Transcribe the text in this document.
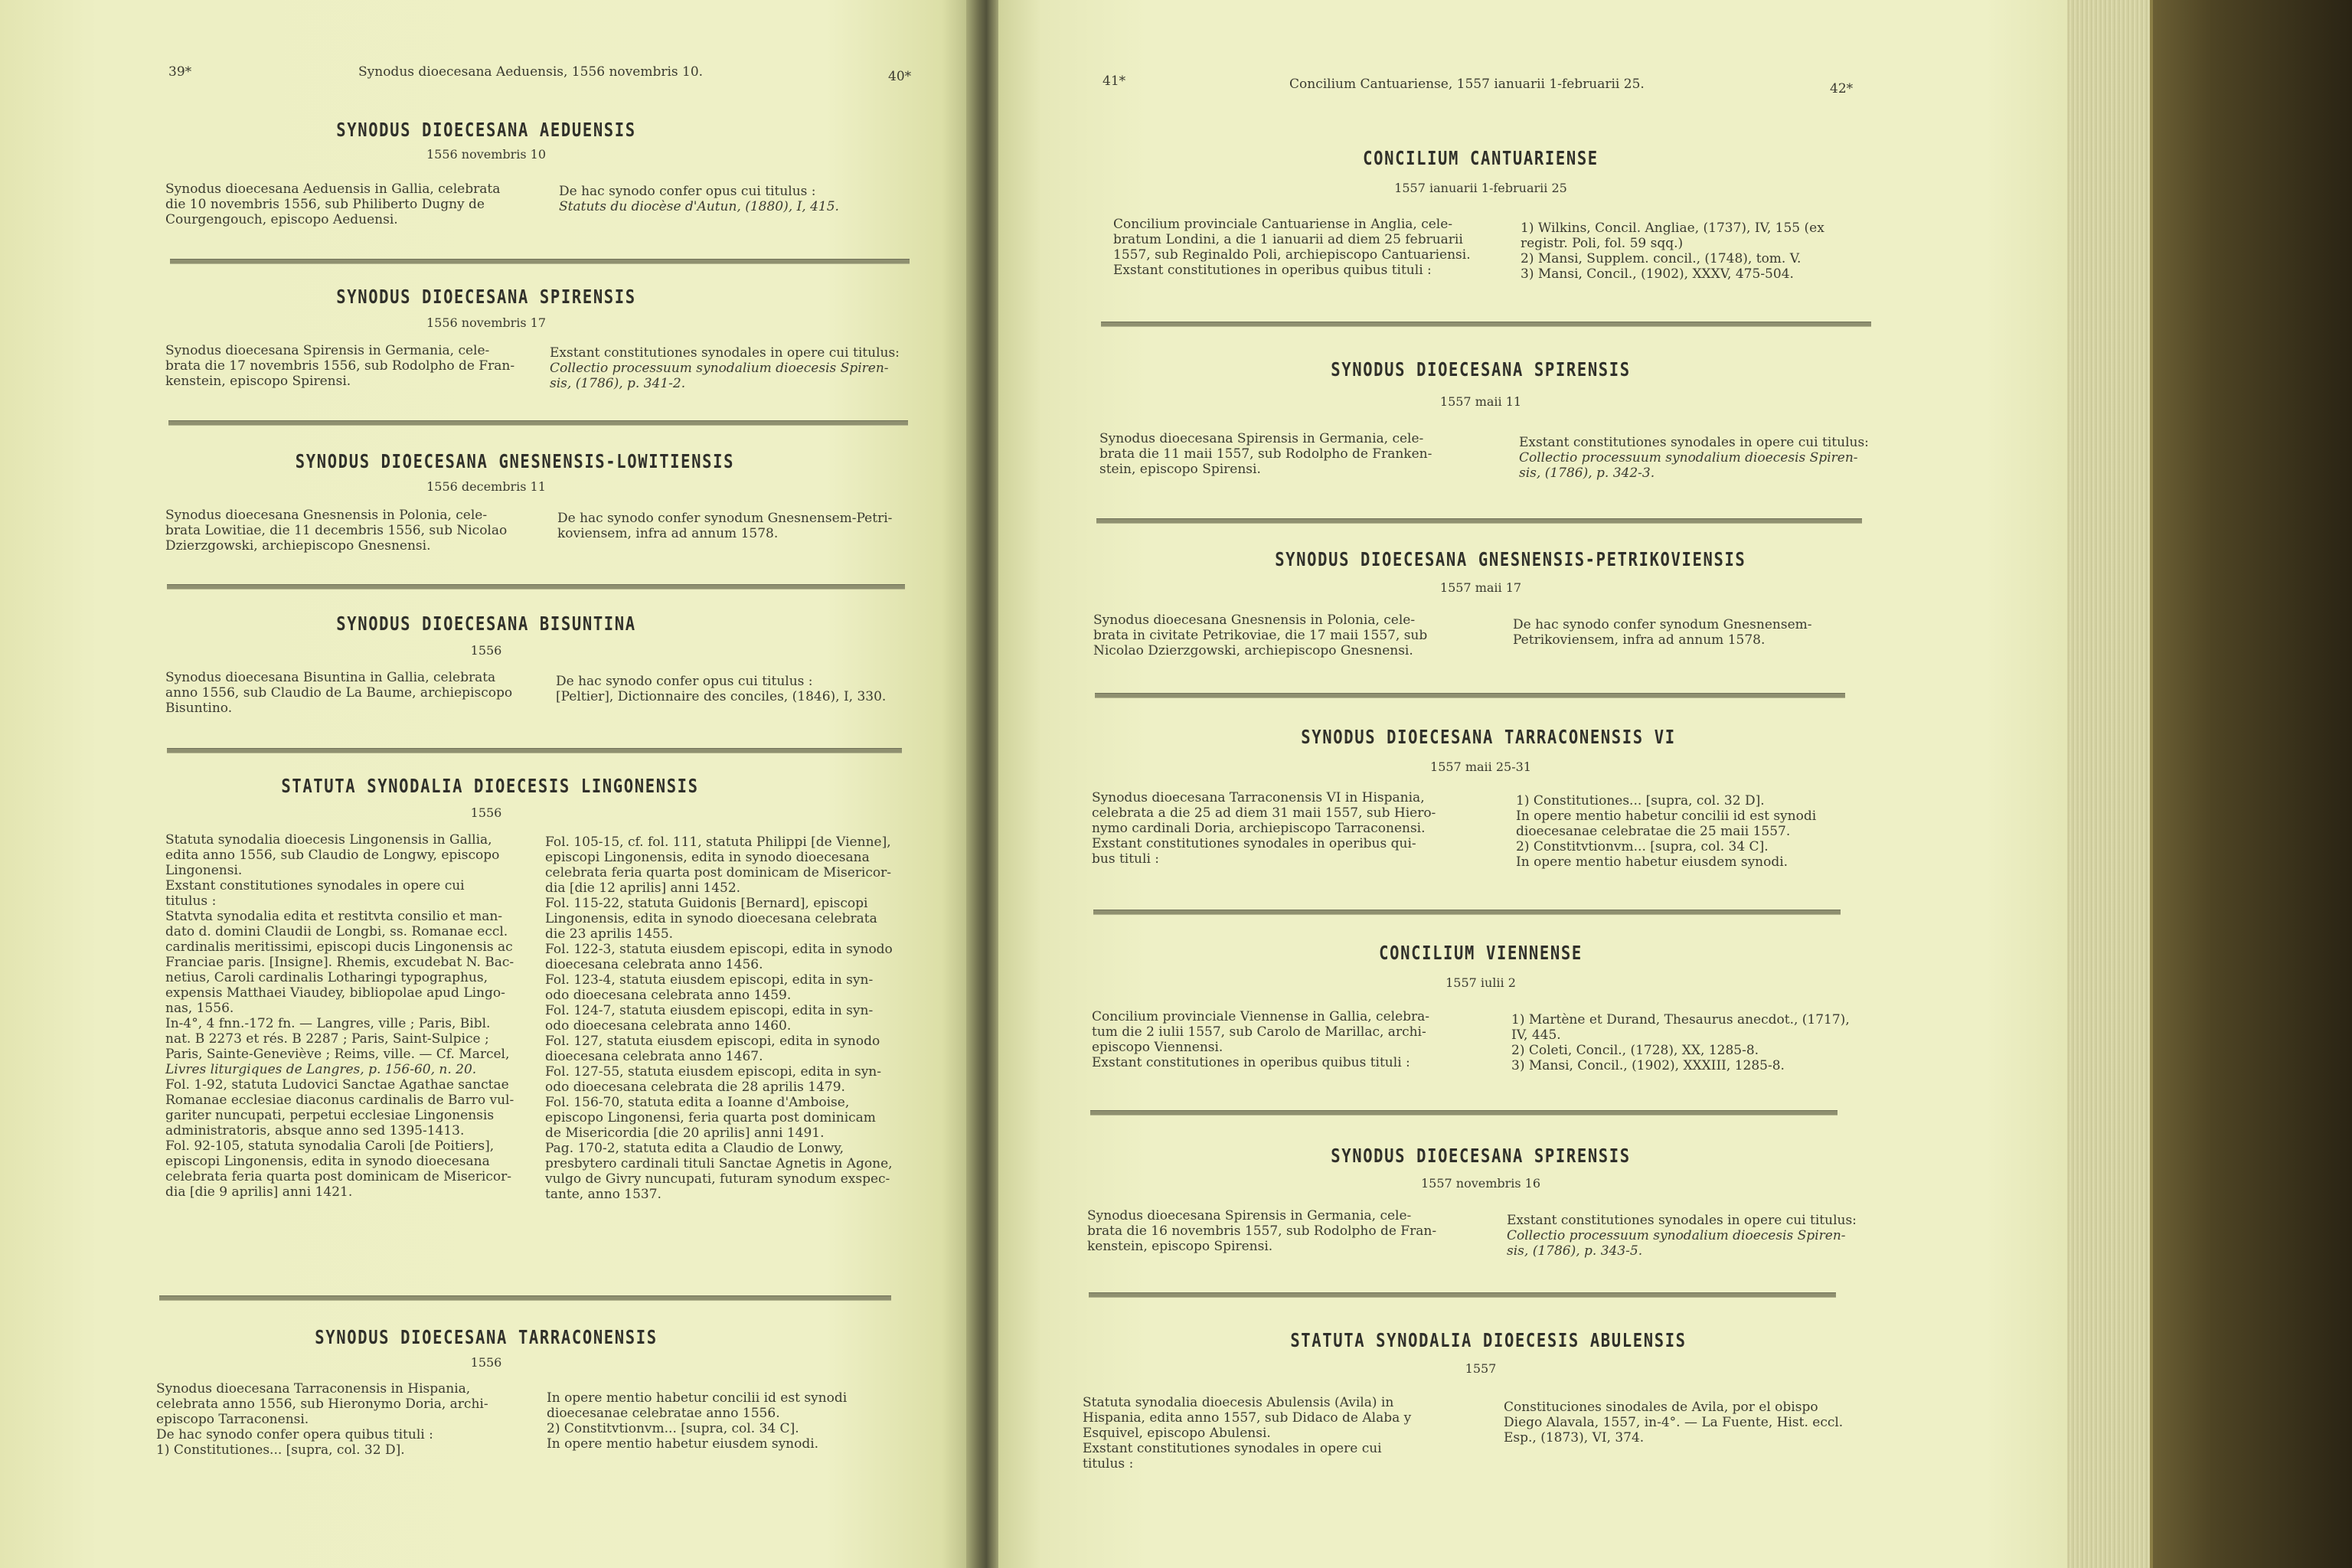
39*	Synodus dioecesana Aeduensis, 1556 novembris 10.	40*
SYNODUS DIOECESANA AEDUENSIS
1556 novembris 10
Synodus dioecesana Aeduensis in Gallia, celebrata
die 10 novembris 1556, sub Philiberto Dugny de
Courgengouch, episcopo Aeduensi.
De hac synodo confer opus cui titulus :
Statuts du diocèse d'Autun, (1880), I, 415.
SYNODUS DIOECESANA SPIRENSIS
1556 novembris 17
Synodus dioecesana Spirensis in Germania, cele-
brata die 17 novembris 1556, sub Rodolpho de Fran-
kenstein, episcopo Spirensi.
Exstant constitutiones synodales in opere cui titulus:
Collectio processuum synodalium dioecesis Spiren-
sis, (1786), p. 341-2.
SYNODUS DIOECESANA GNESNENSIS-LOWITIENSIS
1556 decembris 11
Synodus dioecesana Gnesnensis in Polonia, cele-
brata Lowitiae, die 11 decembris 1556, sub Nicolao
Dzierzgowski, archiepiscopo Gnesnensi.
De hac synodo confer synodum Gnesnensem-Petri-
koviensem, infra ad annum 1578.
SYNODUS DIOECESANA BISUNTINA
1556
Synodus dioecesana Bisuntina in Gallia, celebrata
anno 1556, sub Claudio de La Baume, archiepiscopo
Bisuntino.
De hac synodo confer opus cui titulus :
[Peltier], Dictionnaire des conciles, (1846), I, 330.
STATUTA SYNODALIA DIOECESIS LINGONENSIS
1556
Statuta synodalia dioecesis Lingonensis in Gallia,
edita anno 1556, sub Claudio de Longwy, episcopo
Lingonensi.
Exstant constitutiones synodales in opere cui
titulus :
Statvta synodalia edita et restitvta consilio et man-
dato d. domini Claudii de Longbi, ss. Romanae eccl.
cardinalis meritissimi, episcopi ducis Lingonensis ac
Franciae paris. [Insigne]. Rhemis, excudebat N. Bac-
netius, Caroli cardinalis Lotharingi typographus,
expensis Matthaei Viaudey, bibliopolae apud Lingo-
nas, 1556.
In-4°, 4 fnn.-172 fn. — Langres, ville ; Paris, Bibl.
nat. B 2273 et rés. B 2287 ; Paris, Saint-Sulpice ;
Paris, Sainte-Geneviève ; Reims, ville. — Cf. Marcel,
Livres liturgiques de Langres, p. 156-60, n. 20.
Fol. 1-92, statuta Ludovici Sanctae Agathae sanctae
Romanae ecclesiae diaconus cardinalis de Barro vul-
gariter nuncupati, perpetui ecclesiae Lingonensis
administratoris, absque anno sed 1395-1413.
Fol. 92-105, statuta synodalia Caroli [de Poitiers],
episcopi Lingonensis, edita in synodo dioecesana
celebrata feria quarta post dominicam de Misericor-
dia [die 9 aprilis] anni 1421.
Fol. 105-15, cf. fol. 111, statuta Philippi [de Vienne],
episcopi Lingonensis, edita in synodo dioecesana
celebrata feria quarta post dominicam de Misericor-
dia [die 12 aprilis] anni 1452.
Fol. 115-22, statuta Guidonis [Bernard], episcopi
Lingonensis, edita in synodo dioecesana celebrata
die 23 aprilis 1455.
Fol. 122-3, statuta eiusdem episcopi, edita in synodo
dioecesana celebrata anno 1456.
Fol. 123-4, statuta eiusdem episcopi, edita in syn-
odo dioecesana celebrata anno 1459.
Fol. 124-7, statuta eiusdem episcopi, edita in syn-
odo dioecesana celebrata anno 1460.
Fol. 127, statuta eiusdem episcopi, edita in synodo
dioecesana celebrata anno 1467.
Fol. 127-55, statuta eiusdem episcopi, edita in syn-
odo dioecesana celebrata die 28 aprilis 1479.
Fol. 156-70, statuta edita a Ioanne d'Amboise,
episcopo Lingonensi, feria quarta post dominicam
de Misericordia [die 20 aprilis] anni 1491.
Pag. 170-2, statuta edita a Claudio de Lonwy,
presbytero cardinali tituli Sanctae Agnetis in Agone,
vulgo de Givry nuncupati, futuram synodum exspec-
tante, anno 1537.
SYNODUS DIOECESANA TARRACONENSIS
1556
Synodus dioecesana Tarraconensis in Hispania,
celebrata anno 1556, sub Hieronymo Doria, archi-
episcopo Tarraconensi.
De hac synodo confer opera quibus tituli :
1) Constitutiones... [supra, col. 32 D].
In opere mentio habetur concilii id est synodi
dioecesanae celebratae anno 1556.
2) Constitvtionvm... [supra, col. 34 C].
In opere mentio habetur eiusdem synodi.
41*	Concilium Cantuariense, 1557 ianuarii 1-februarii 25.	42*
CONCILIUM CANTUARIENSE
1557 ianuarii 1-februarii 25
Concilium provinciale Cantuariense in Anglia, cele-
bratum Londini, a die 1 ianuarii ad diem 25 februarii
1557, sub Reginaldo Poli, archiepiscopo Cantuariensi.
Exstant constitutiones in operibus quibus tituli :
1) Wilkins, Concil. Angliae, (1737), IV, 155 (ex
registr. Poli, fol. 59 sqq.)
2) Mansi, Supplem. concil., (1748), tom. V.
3) Mansi, Concil., (1902), XXXV, 475-504.
SYNODUS DIOECESANA SPIRENSIS
1557 maii 11
Synodus dioecesana Spirensis in Germania, cele-
brata die 11 maii 1557, sub Rodolpho de Franken-
stein, episcopo Spirensi.
Exstant constitutiones synodales in opere cui titulus:
Collectio processuum synodalium dioecesis Spiren-
sis, (1786), p. 342-3.
SYNODUS DIOECESANA GNESNENSIS-PETRIKOVIENSIS
1557 maii 17
Synodus dioecesana Gnesnensis in Polonia, cele-
brata in civitate Petrikoviae, die 17 maii 1557, sub
Nicolao Dzierzgowski, archiepiscopo Gnesnensi.
De hac synodo confer synodum Gnesnensem-
Petrikoviensem, infra ad annum 1578.
SYNODUS DIOECESANA TARRACONENSIS VI
1557 maii 25-31
Synodus dioecesana Tarraconensis VI in Hispania,
celebrata a die 25 ad diem 31 maii 1557, sub Hiero-
nymo cardinali Doria, archiepiscopo Tarraconensi.
Exstant constitutiones synodales in operibus qui-
bus tituli :
1) Constitutiones... [supra, col. 32 D].
In opere mentio habetur concilii id est synodi
dioecesanae celebratae die 25 maii 1557.
2) Constitvtionvm... [supra, col. 34 C].
In opere mentio habetur eiusdem synodi.
CONCILIUM VIENNENSE
1557 iulii 2
Concilium provinciale Viennense in Gallia, celebra-
tum die 2 iulii 1557, sub Carolo de Marillac, archi-
episcopo Viennensi.
Exstant constitutiones in operibus quibus tituli :
1) Martène et Durand, Thesaurus anecdot., (1717),
IV, 445.
2) Coleti, Concil., (1728), XX, 1285-8.
3) Mansi, Concil., (1902), XXXIII, 1285-8.
SYNODUS DIOECESANA SPIRENSIS
1557 novembris 16
Synodus dioecesana Spirensis in Germania, cele-
brata die 16 novembris 1557, sub Rodolpho de Fran-
kenstein, episcopo Spirensi.
Exstant constitutiones synodales in opere cui titulus:
Collectio processuum synodalium dioecesis Spiren-
sis, (1786), p. 343-5.
STATUTA SYNODALIA DIOECESIS ABULENSIS
1557
Statuta synodalia dioecesis Abulensis (Avila) in
Hispania, edita anno 1557, sub Didaco de Alaba y
Esquivel, episcopo Abulensi.
Exstant constitutiones synodales in opere cui
titulus :
Constituciones sinodales de Avila, por el obispo
Diego Alavala, 1557, in-4°. — La Fuente, Hist. eccl.
Esp., (1873), VI, 374.
